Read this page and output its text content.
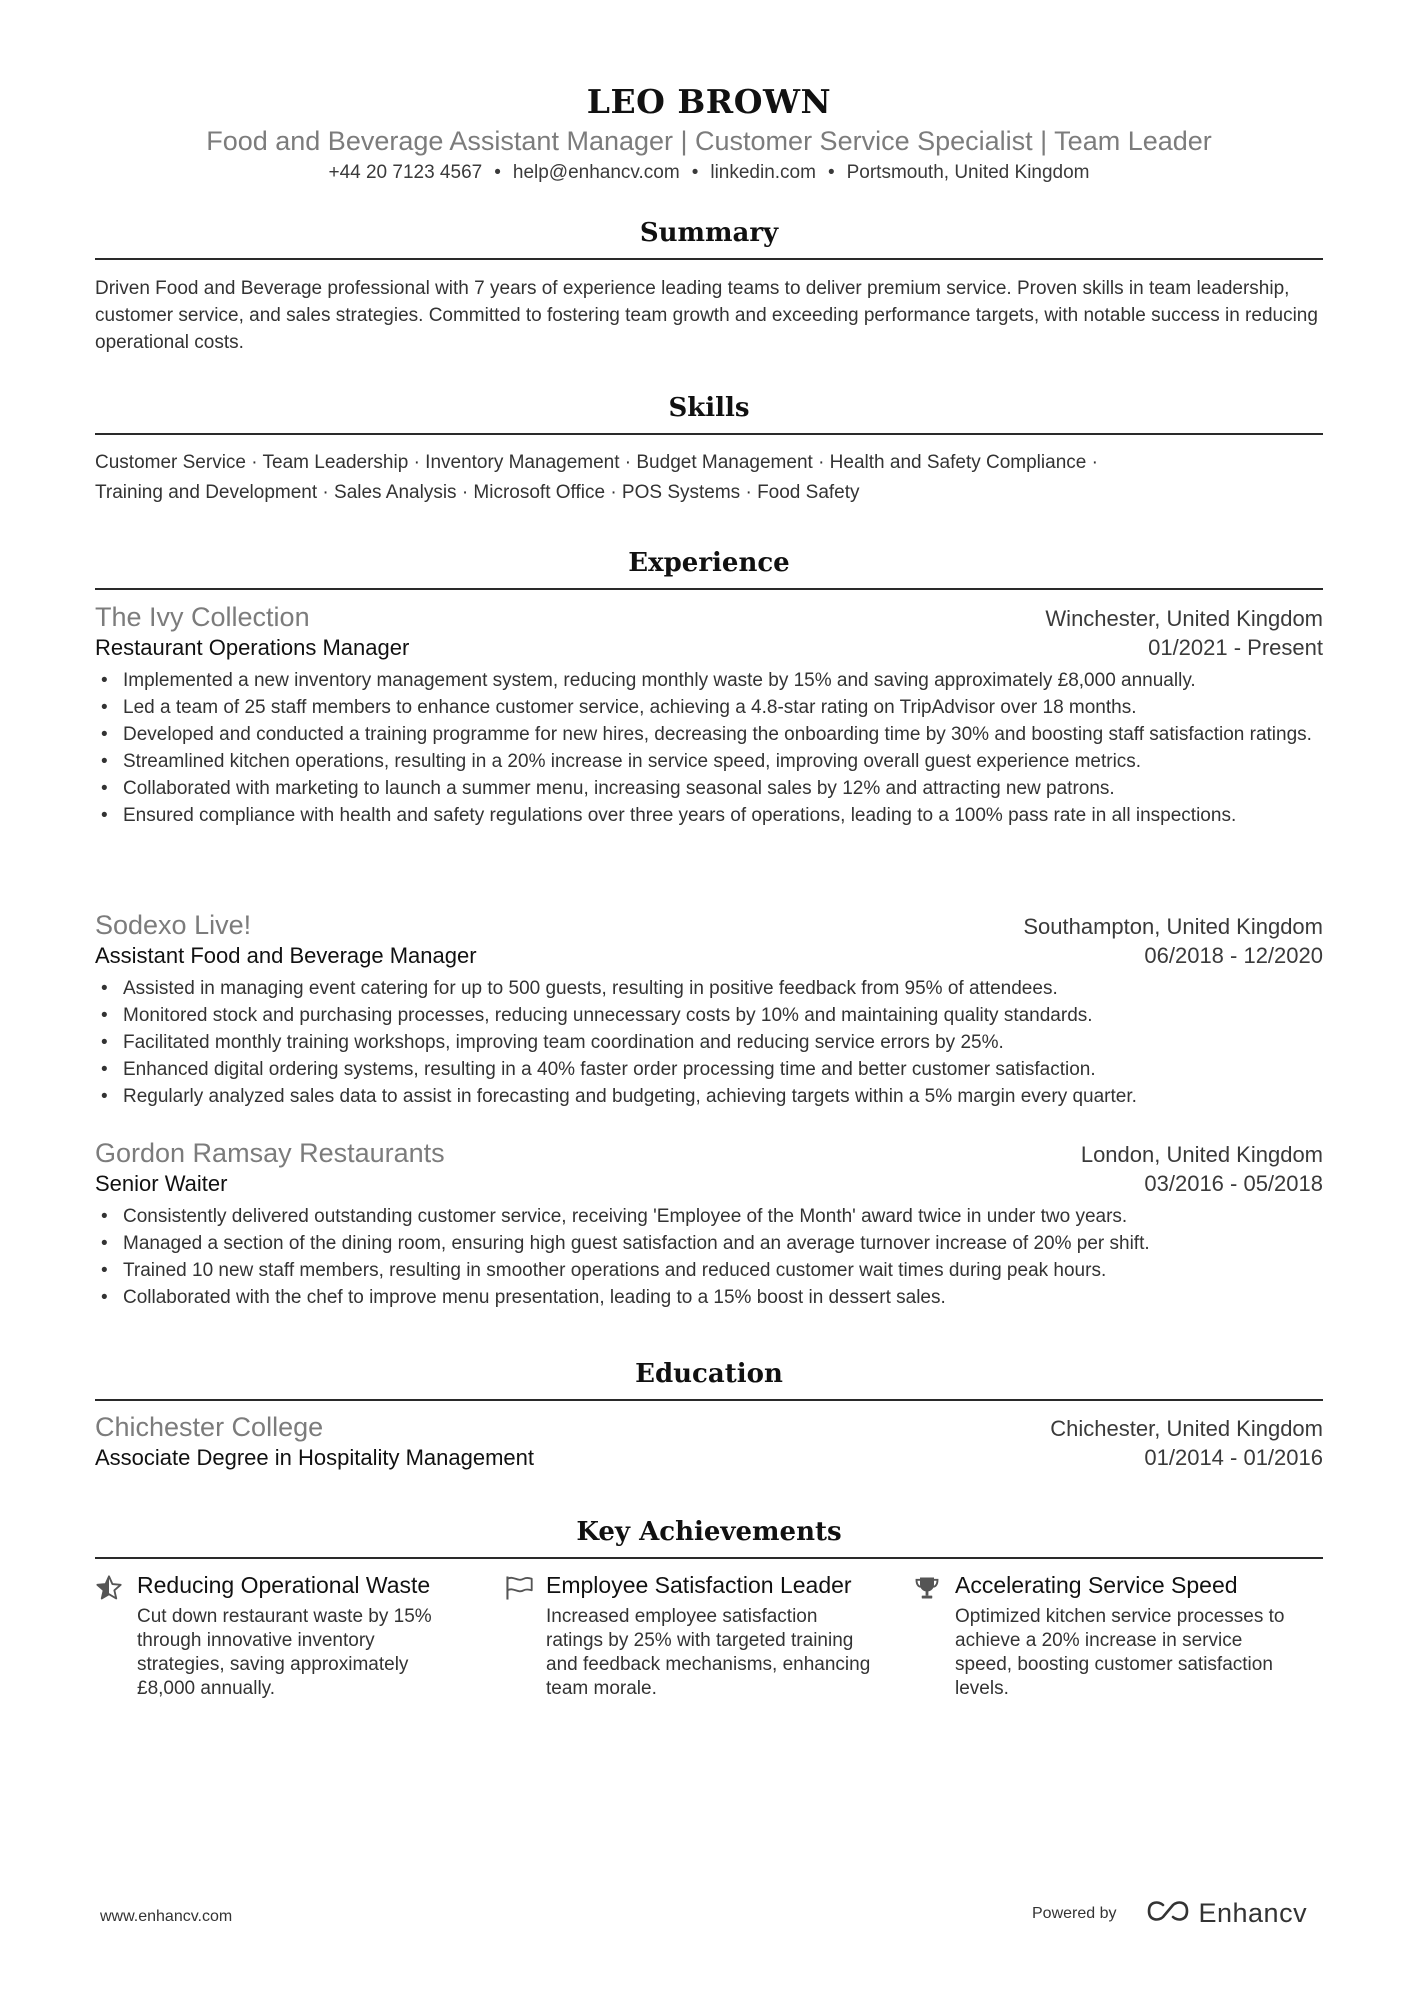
LEO BROWN
Food and Beverage Assistant Manager | Customer Service Specialist | Team Leader
+44 20 7123 4567 • help@enhancv.com • linkedin.com • Portsmouth, United Kingdom
Summary
Driven Food and Beverage professional with 7 years of experience leading teams to deliver premium service. Proven skills in team leadership, customer service, and sales strategies. Committed to fostering team growth and exceeding performance targets, with notable success in reducing operational costs.
Skills
Customer Service · Team Leadership · Inventory Management · Budget Management · Health and Safety Compliance ·
Training and Development · Sales Analysis · Microsoft Office · POS Systems · Food Safety
Experience
The Ivy Collection	Winchester, United Kingdom
Restaurant Operations Manager	01/2021 - Present
• Implemented a new inventory management system, reducing monthly waste by 15% and saving approximately £8,000 annually.
• Led a team of 25 staff members to enhance customer service, achieving a 4.8-star rating on TripAdvisor over 18 months.
• Developed and conducted a training programme for new hires, decreasing the onboarding time by 30% and boosting staff satisfaction ratings.
• Streamlined kitchen operations, resulting in a 20% increase in service speed, improving overall guest experience metrics.
• Collaborated with marketing to launch a summer menu, increasing seasonal sales by 12% and attracting new patrons.
• Ensured compliance with health and safety regulations over three years of operations, leading to a 100% pass rate in all inspections.
Sodexo Live!	Southampton, United Kingdom
Assistant Food and Beverage Manager	06/2018 - 12/2020
• Assisted in managing event catering for up to 500 guests, resulting in positive feedback from 95% of attendees.
• Monitored stock and purchasing processes, reducing unnecessary costs by 10% and maintaining quality standards.
• Facilitated monthly training workshops, improving team coordination and reducing service errors by 25%.
• Enhanced digital ordering systems, resulting in a 40% faster order processing time and better customer satisfaction.
• Regularly analyzed sales data to assist in forecasting and budgeting, achieving targets within a 5% margin every quarter.
Gordon Ramsay Restaurants	London, United Kingdom
Senior Waiter	03/2016 - 05/2018
• Consistently delivered outstanding customer service, receiving 'Employee of the Month' award twice in under two years.
• Managed a section of the dining room, ensuring high guest satisfaction and an average turnover increase of 20% per shift.
• Trained 10 new staff members, resulting in smoother operations and reduced customer wait times during peak hours.
• Collaborated with the chef to improve menu presentation, leading to a 15% boost in dessert sales.
Education
Chichester College	Chichester, United Kingdom
Associate Degree in Hospitality Management	01/2014 - 01/2016
Key Achievements
Reducing Operational Waste
Cut down restaurant waste by 15% through innovative inventory strategies, saving approximately £8,000 annually.
Employee Satisfaction Leader
Increased employee satisfaction ratings by 25% with targeted training and feedback mechanisms, enhancing team morale.
Accelerating Service Speed
Optimized kitchen service processes to achieve a 20% increase in service speed, boosting customer satisfaction levels.
www.enhancv.com	Powered by	Enhancv
